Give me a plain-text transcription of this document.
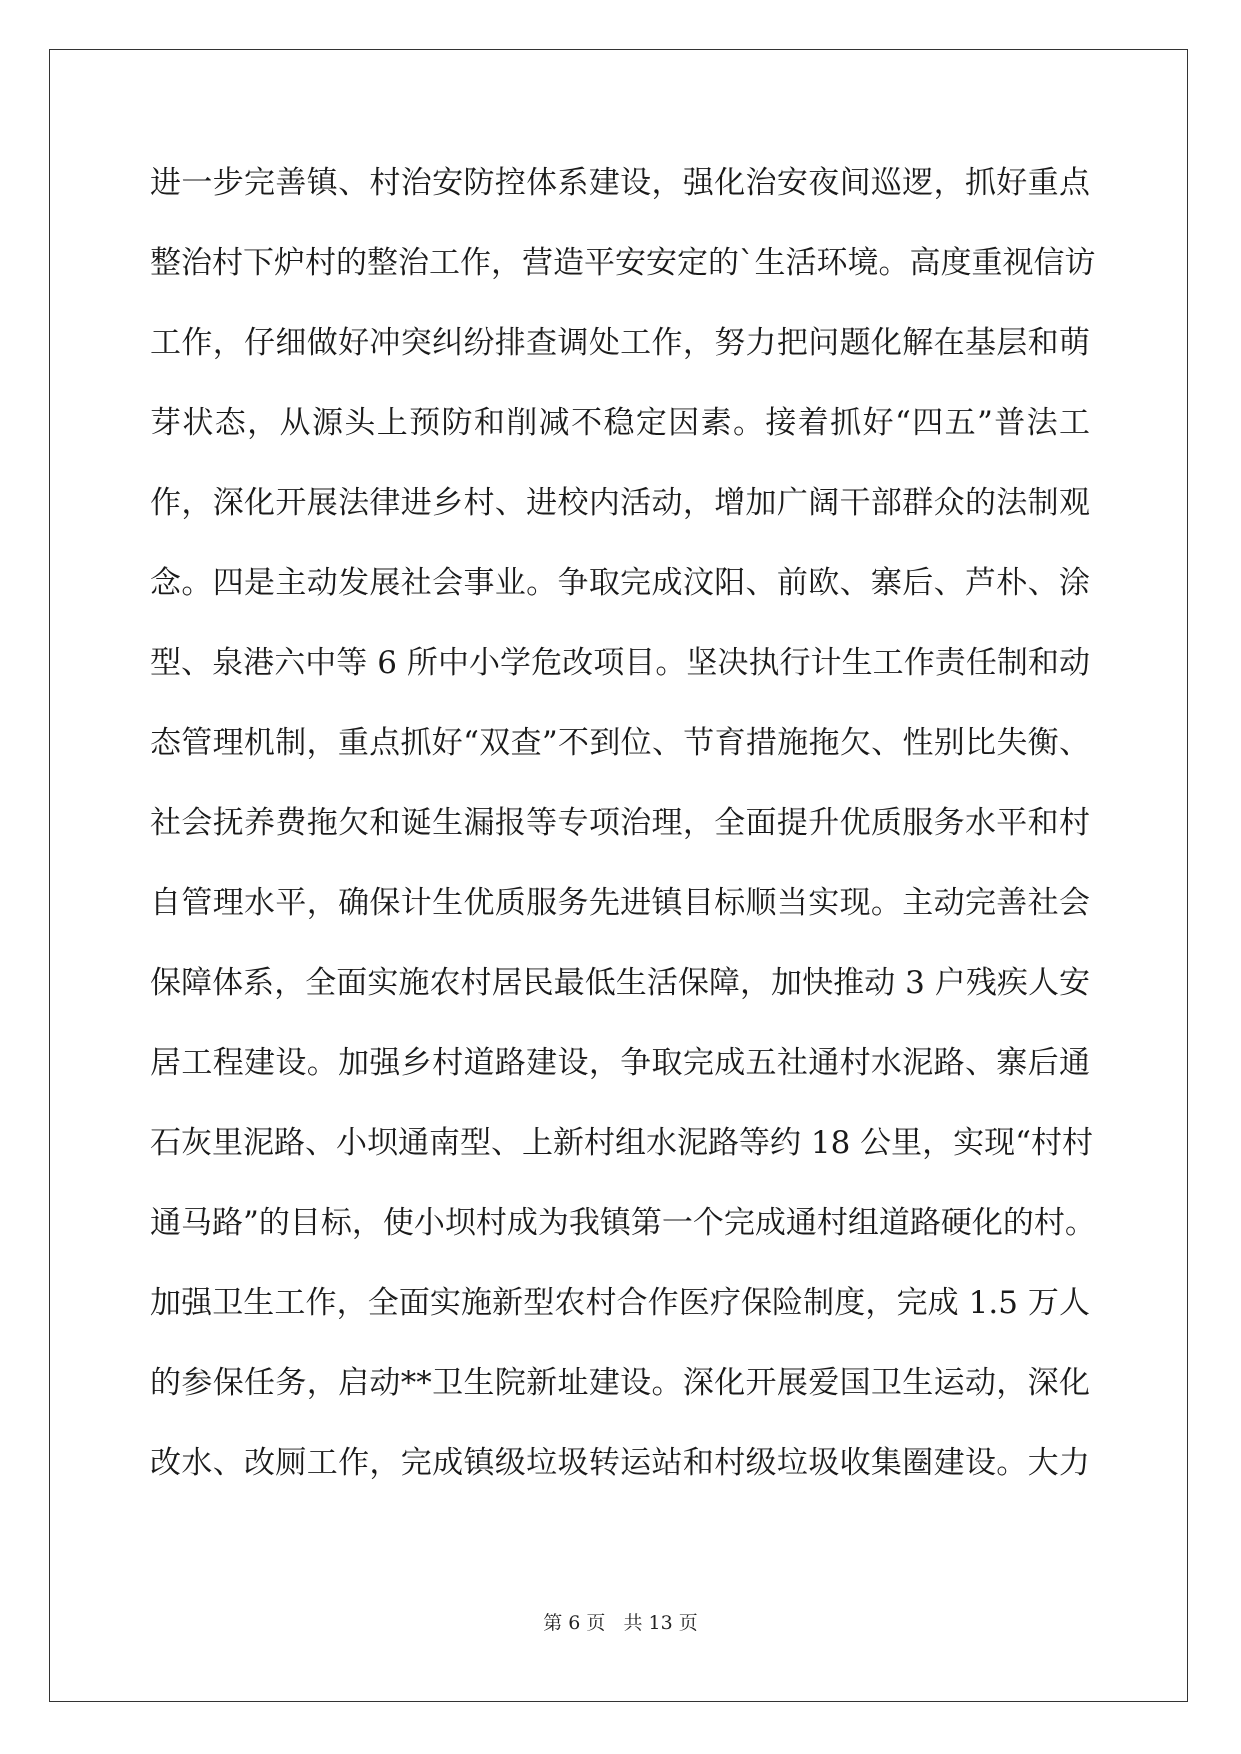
进一步完善镇、村治安防控体系建设，强化治安夜间巡逻，抓好重点
整治村下炉村的整治工作，营造平安安定的`生活环境。高度重视信访
工作，仔细做好冲突纠纷排查调处工作，努力把问题化解在基层和萌
芽状态，从源头上预防和削减不稳定因素。接着抓好“四五”普法工
作，深化开展法律进乡村、进校内活动，增加广阔干部群众的法制观
念。四是主动发展社会事业。争取完成汶阳、前欧、寨后、芦朴、涂
型、泉港六中等 6 所中小学危改项目。坚决执行计生工作责任制和动
态管理机制，重点抓好“双查”不到位、节育措施拖欠、性别比失衡、
社会抚养费拖欠和诞生漏报等专项治理，全面提升优质服务水平和村
自管理水平，确保计生优质服务先进镇目标顺当实现。主动完善社会
保障体系，全面实施农村居民最低生活保障，加快推动 3 户残疾人安
居工程建设。加强乡村道路建设，争取完成五社通村水泥路、寨后通
石灰里泥路、小坝通南型、上新村组水泥路等约 18 公里，实现“村村
通马路”的目标，使小坝村成为我镇第一个完成通村组道路硬化的村。
加强卫生工作，全面实施新型农村合作医疗保险制度，完成 1.5 万人
的参保任务，启动**卫生院新址建设。深化开展爱国卫生运动，深化
改水、改厕工作，完成镇级垃圾转运站和村级垃圾收集圈建设。大力
第 6 页 共 13 页
